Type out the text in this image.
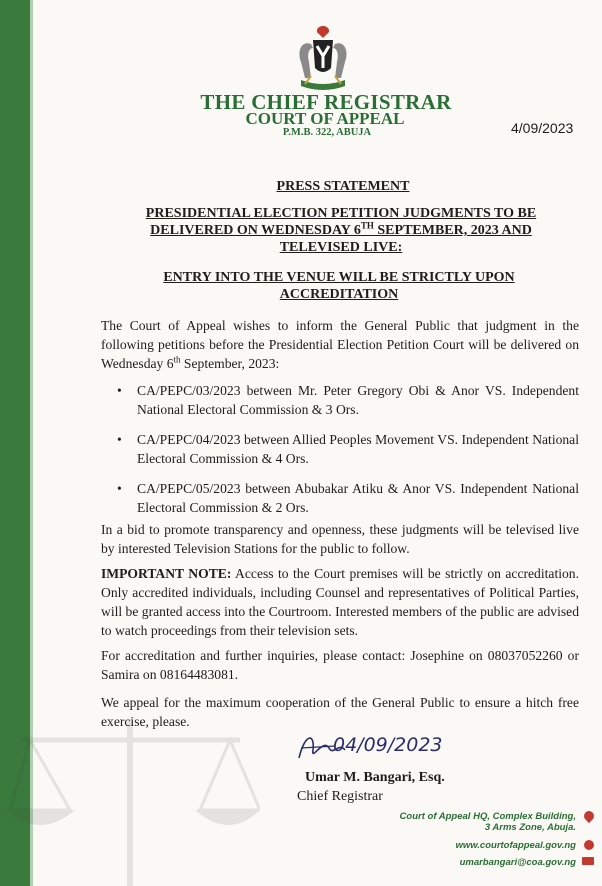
THE CHIEF REGISTRAR
COURT OF APPEAL
P.M.B. 322, ABUJA	4/09/2023
PRESS STATEMENT
PRESIDENTIAL ELECTION PETITION JUDGMENTS TO BE
DELIVERED ON WEDNESDAY 6TH SEPTEMBER, 2023 AND
TELEVISED LIVE:
ENTRY INTO THE VENUE WILL BE STRICTLY UPON
ACCREDITATION
The Court of Appeal wishes to inform the General Public that judgment in the following petitions before the Presidential Election Petition Court will be delivered on Wednesday 6th September, 2023:
• CA/PEPC/03/2023 between Mr. Peter Gregory Obi & Anor VS. Independent National Electoral Commission & 3 Ors.
• CA/PEPC/04/2023 between Allied Peoples Movement VS. Independent National Electoral Commission & 4 Ors.
• CA/PEPC/05/2023 between Abubakar Atiku & Anor VS. Independent National Electoral Commission & 2 Ors.
In a bid to promote transparency and openness, these judgments will be televised live by interested Television Stations for the public to follow.
IMPORTANT NOTE: Access to the Court premises will be strictly on accreditation. Only accredited individuals, including Counsel and representatives of Political Parties, will be granted access into the Courtroom. Interested members of the public are advised to watch proceedings from their television sets.
For accreditation and further inquiries, please contact: Josephine on 08037052260 or Samira on 08164483081.
We appeal for the maximum cooperation of the General Public to ensure a hitch free exercise, please.
04/09/2023
Umar M. Bangari, Esq.
Chief Registrar
Court of Appeal HQ, Complex Building,
3 Arms Zone, Abuja.
www.courtofappeal.gov.ng
umarbangari@coa.gov.ng
